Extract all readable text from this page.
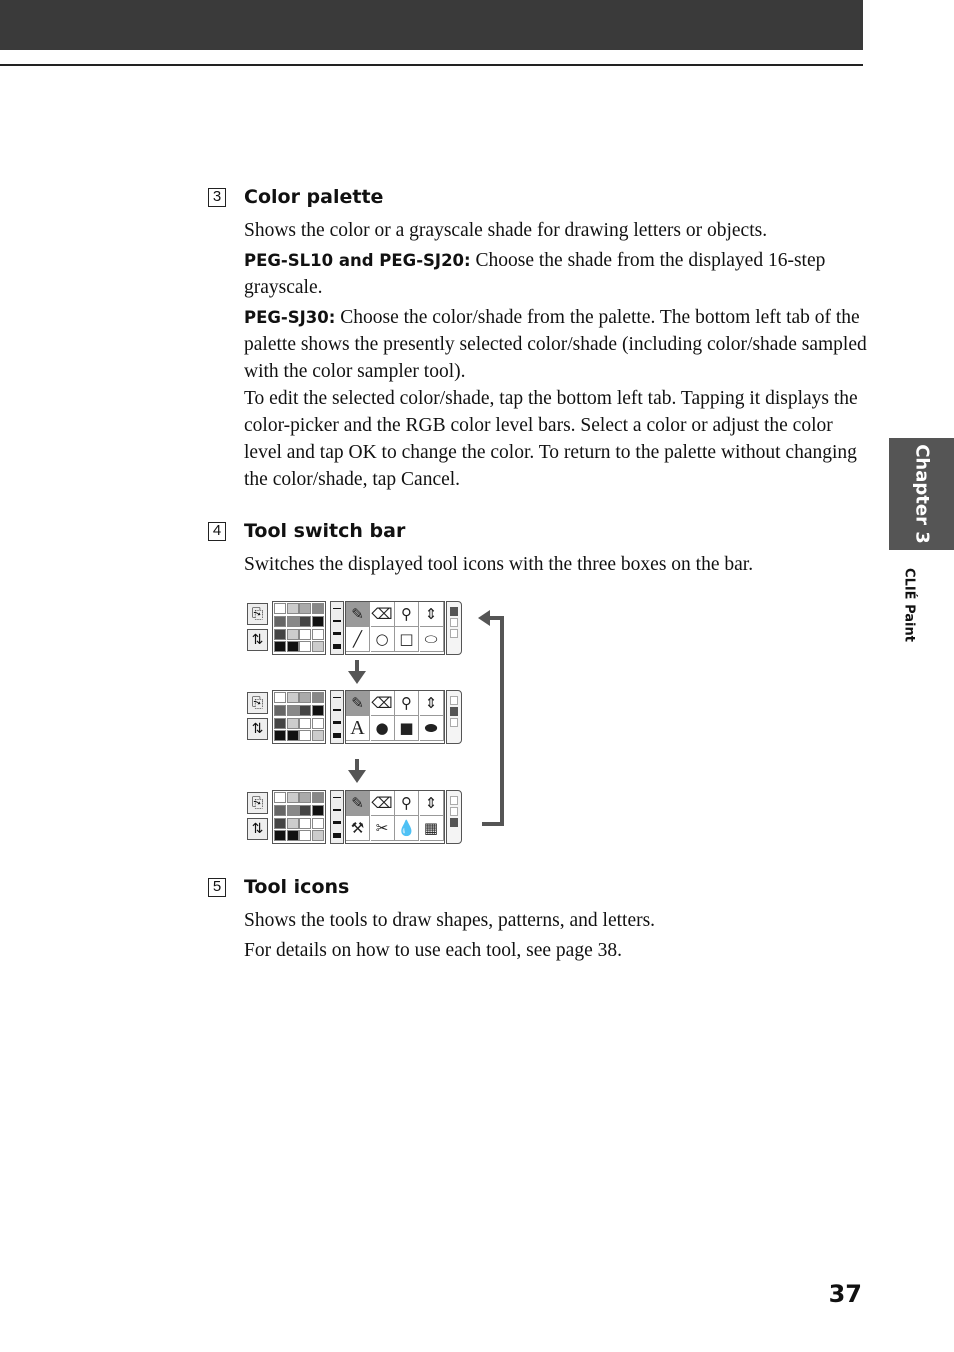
3 Color palette

Shows the color or a grayscale shade for drawing letters or objects.

PEG-SL10 and PEG-SJ20: Choose the shade from the displayed 16-step grayscale.

PEG-SJ30: Choose the color/shade from the palette. The bottom left tab of the palette shows the presently selected color/shade (including color/shade sampled with the color sampler tool).

To edit the selected color/shade, tap the bottom left tab. Tapping it displays the color-picker and the RGB color level bars. Select a color or adjust the color level and tap OK to change the color. To return to the palette without changing the color/shade, tap Cancel.

4 Tool switch bar

Switches the displayed tool icons with the three boxes on the bar.

⎘
⇅
✎ ⌫ ⚲ ⇕
╱ ○ □ ⬭
⎘
⇅
✎ ⌫ ⚲ ⇕
A ● ■ ⬬
⎘
⇅
✎ ⌫ ⚲ ⇕
⚒ ✂ 💧 ▦
5 Tool icons

Shows the tools to draw shapes, patterns, and letters.

For details on how to use each tool, see page 38.

Chapter 3
CLIÉ Paint
37
